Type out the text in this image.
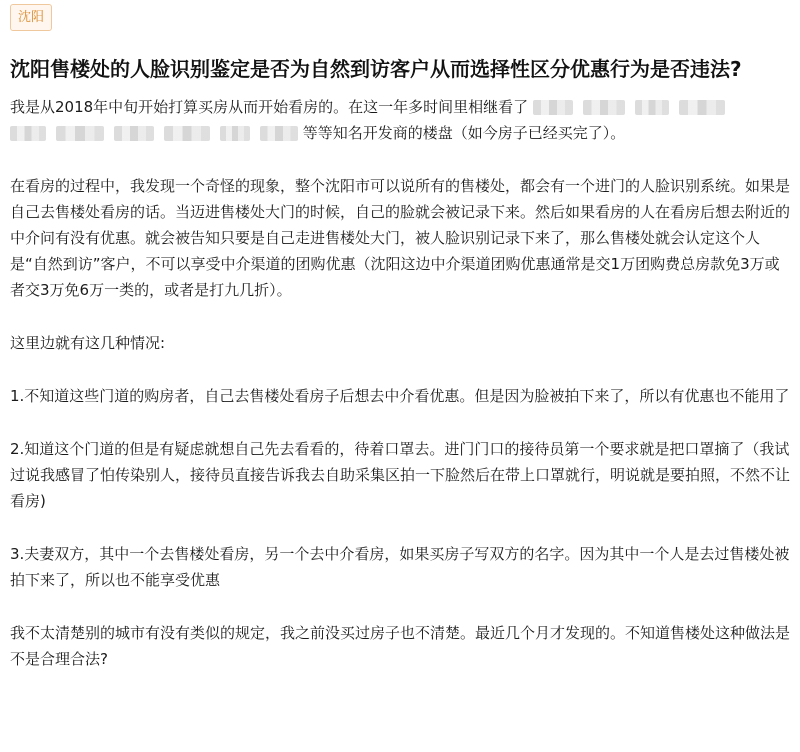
沈阳
沈阳售楼处的人脸识别鉴定是否为自然到访客户从而选择性区分优惠行为是否违法?

我是从2018年中旬开始打算买房从而开始看房的。在这一年多时间里相继看了

等等知名开发商的楼盘（如今房子已经买完了）。

在看房的过程中，我发现一个奇怪的现象，整个沈阳市可以说所有的售楼处，都会有一个进门的人脸识别系统。如果是自己去售楼处看房的话。当迈进售楼处大门的时候，自己的脸就会被记录下来。然后如果看房的人在看房后想去附近的中介问有没有优惠。就会被告知只要是自己走进售楼处大门，被人脸识别记录下来了，那么售楼处就会认定这个人是“自然到访”客户，不可以享受中介渠道的团购优惠（沈阳这边中介渠道团购优惠通常是交1万团购费总房款免3万或者交3万免6万一类的，或者是打九几折）。

这里边就有这几种情况:

1.不知道这些门道的购房者，自己去售楼处看房子后想去中介看优惠。但是因为脸被拍下来了，所以有优惠也不能用了

2.知道这个门道的但是有疑虑就想自己先去看看的，待着口罩去。进门门口的接待员第一个要求就是把口罩摘了（我试过说我感冒了怕传染别人，接待员直接告诉我去自助采集区拍一下脸然后在带上口罩就行，明说就是要拍照，不然不让看房)

3.夫妻双方，其中一个去售楼处看房，另一个去中介看房，如果买房子写双方的名字。因为其中一个人是去过售楼处被拍下来了，所以也不能享受优惠

我不太清楚别的城市有没有类似的规定，我之前没买过房子也不清楚。最近几个月才发现的。不知道售楼处这种做法是不是合理合法?
